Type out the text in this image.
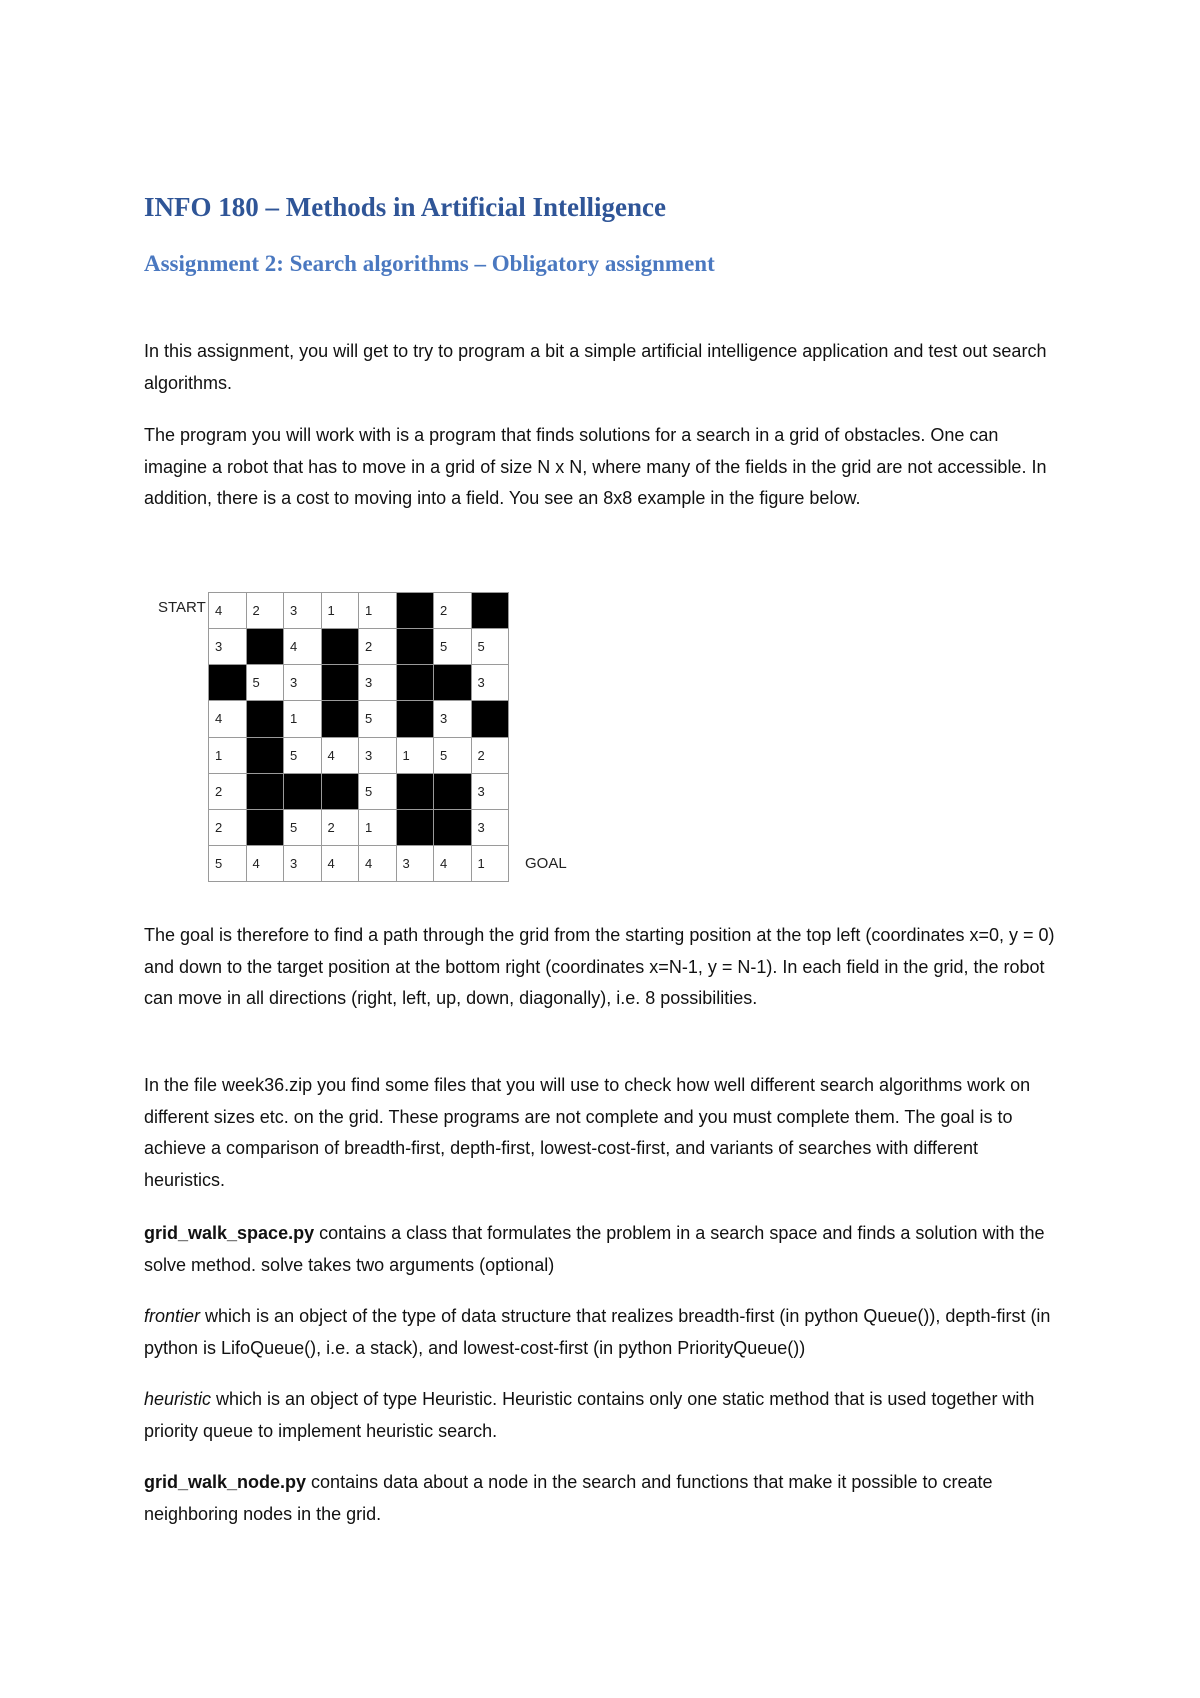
INFO 180 – Methods in Artificial Intelligence
Assignment 2: Search algorithms – Obligatory assignment

In this assignment, you will get to try to program a bit a simple artificial intelligence application and test out search algorithms.

The program you will work with is a program that finds solutions for a search in a grid of obstacles. One can imagine a robot that has to move in a grid of size N x N, where many of the fields in the grid are not accessible. In addition, there is a cost to moving into a field. You see an 8x8 example in the figure below.

START 4	2	3	1	1		2	
3		4		2		5	5
	5	3		3			3
4		1		5		3	
1		5	4	3	1	5	2
2				5			3
2		5	2	1			3
5	4	3	4	4	3	4	1	GOAL

The goal is therefore to find a path through the grid from the starting position at the top left (coordinates x=0, y = 0) and down to the target position at the bottom right (coordinates x=N-1, y = N-1). In each field in the grid, the robot can move in all directions (right, left, up, down, diagonally), i.e. 8 possibilities.

In the file week36.zip you find some files that you will use to check how well different search algorithms work on different sizes etc. on the grid. These programs are not complete and you must complete them. The goal is to achieve a comparison of breadth-first, depth-first, lowest-cost-first, and variants of searches with different heuristics.

grid_walk_space.py contains a class that formulates the problem in a search space and finds a solution with the solve method. solve takes two arguments (optional)

frontier which is an object of the type of data structure that realizes breadth-first (in python Queue()), depth-first (in python is LifoQueue(), i.e. a stack), and lowest-cost-first (in python PriorityQueue())

heuristic which is an object of type Heuristic. Heuristic contains only one static method that is used together with priority queue to implement heuristic search.

grid_walk_node.py contains data about a node in the search and functions that make it possible to create neighboring nodes in the grid.
